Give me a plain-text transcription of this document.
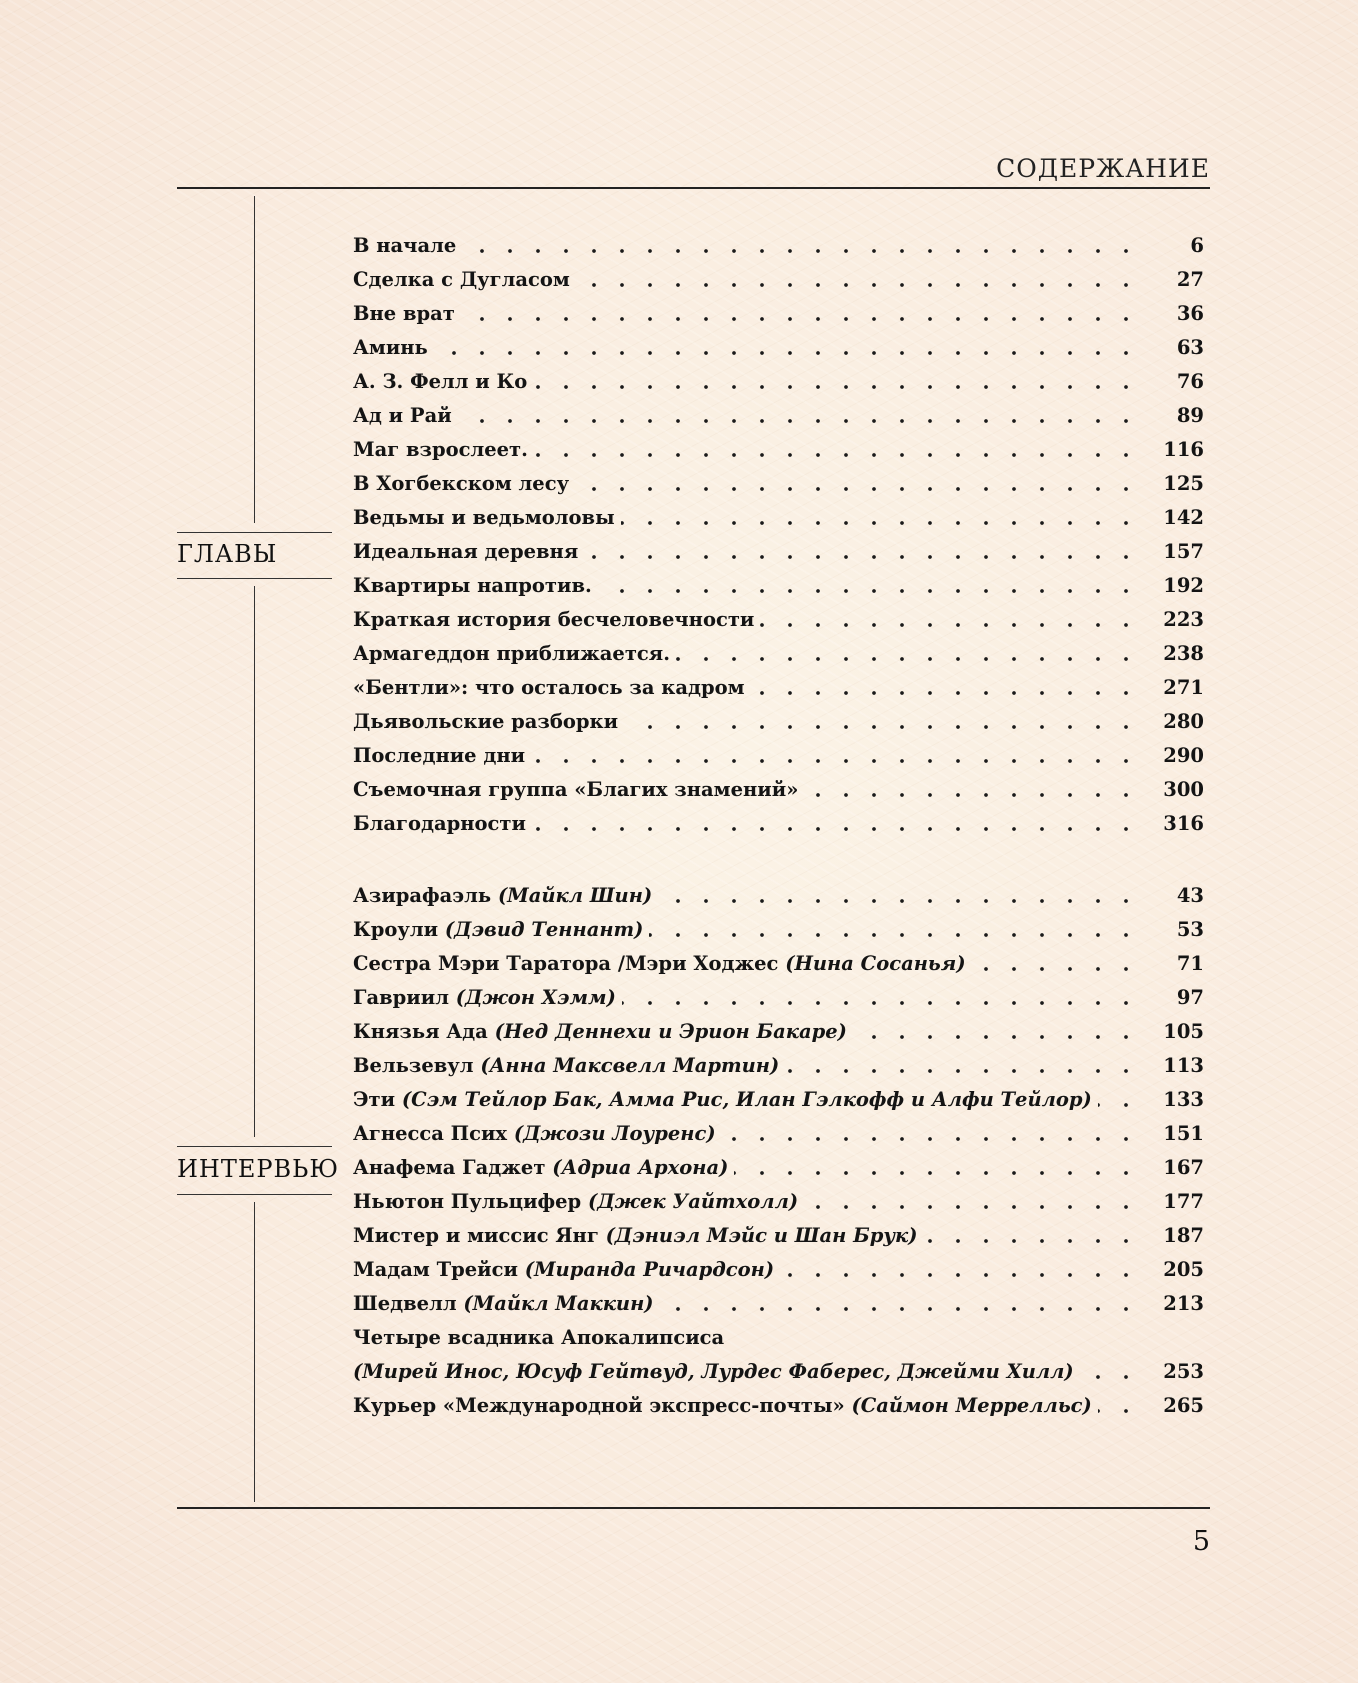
СОДЕРЖАНИЕ
ГЛАВЫ
ИНТЕРВЬЮ
В начале	6
Сделка с Дугласом	27
Вне врат	36
Аминь	63
А. З. Фелл и Ко	76
Ад и Рай	89
Маг взрослеет.	116
В Хогбекском лесу	125
Ведьмы и ведьмоловы	142
Идеальная деревня	157
Квартиры напротив.	192
Краткая история бесчеловечности	223
Армагеддон приближается.	238
«Бентли»: что осталось за кадром	271
Дьявольские разборки	280
Последние дни	290
Съемочная группа «Благих знамений»	300
Благодарности	316
Азирафаэль (Майкл Шин)	43
Кроули (Дэвид Теннант)	53
Сестра Мэри Таратора /Мэри Ходжес (Нина Сосанья)	71
Гавриил (Джон Хэмм)	97
Князья Ада (Нед Деннехи и Эрион Бакаре)	105
Вельзевул (Анна Максвелл Мартин)	113
Эти (Сэм Тейлор Бак, Амма Рис, Илан Гэлкофф и Алфи Тейлор)	133
Агнесса Псих (Джози Лоуренс)	151
Анафема Гаджет (Адриа Архона)	167
Ньютон Пульцифер (Джек Уайтхолл)	177
Мистер и миссис Янг (Дэниэл Мэйс и Шан Брук)	187
Мадам Трейси (Миранда Ричардсон)	205
Шедвелл (Майкл Маккин)	213
Четыре всадника Апокалипсиса
(Мирей Инос, Юсуф Гейтвуд, Лурдес Фаберес, Джейми Хилл)	253
Курьер «Международной экспресс-почты» (Саймон Меррелльс)	265
5
